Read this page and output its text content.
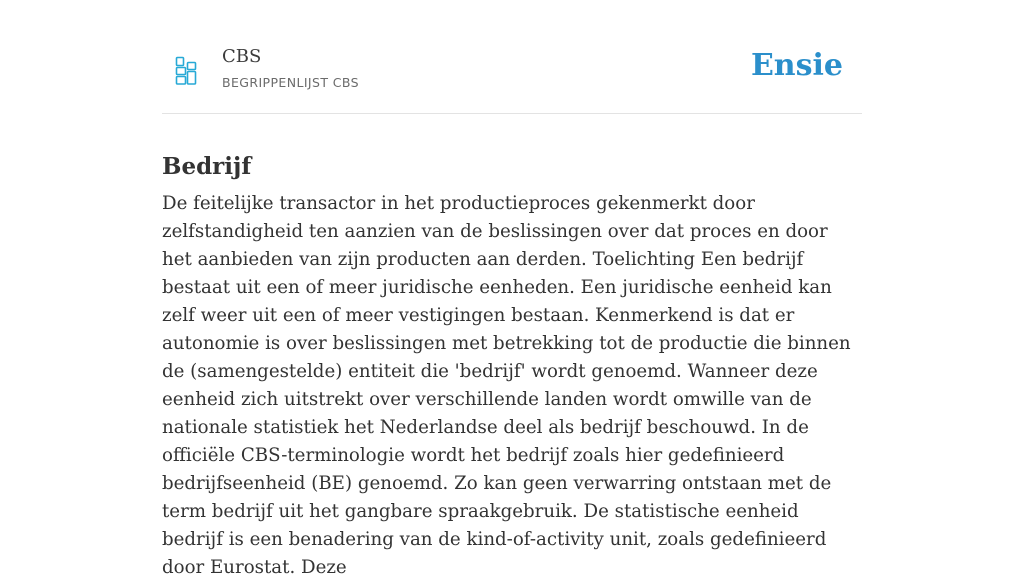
CBS
BEGRIPPENLIJST CBS	Ensie
Bedrijf

De feitelijke transactor in het productieproces gekenmerkt door zelfstandigheid ten aanzien van de beslissingen over dat proces en door het aanbieden van zijn producten aan derden. Toelichting Een bedrijf bestaat uit een of meer juridische eenheden. Een juridische eenheid kan zelf weer uit een of meer vestigingen bestaan. Kenmerkend is dat er autonomie is over beslissingen met betrekking tot de productie die binnen de (samengestelde) entiteit die 'bedrijf' wordt genoemd. Wanneer deze eenheid zich uitstrekt over verschillende landen wordt omwille van de nationale statistiek het Nederlandse deel als bedrijf beschouwd. In de officiële CBS-terminologie wordt het bedrijf zoals hier gedefinieerd bedrijfseenheid (BE) genoemd. Zo kan geen verwarring ontstaan met de term bedrijf uit het gangbare spraakgebruik. De statistische eenheid bedrijf is een benadering van de kind-of-activity unit, zoals gedefinieerd door Eurostat. Deze
